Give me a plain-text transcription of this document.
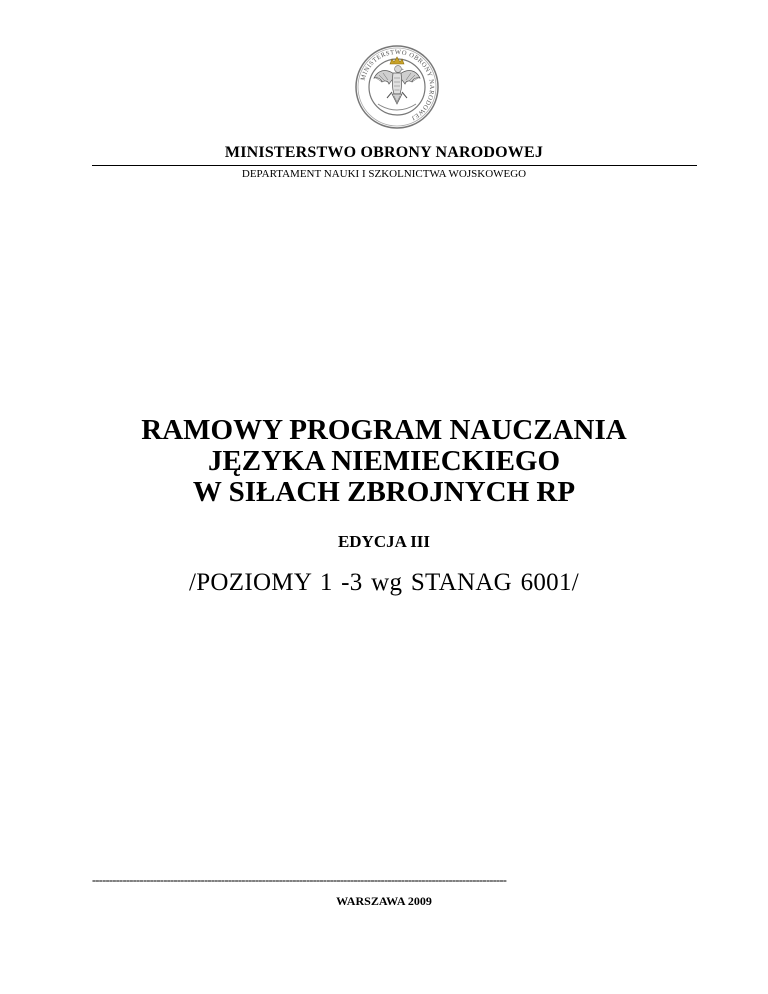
MINISTERSTWO OBRONY NARODOWEJ
MINISTERSTWO OBRONY NARODOWEJ
DEPARTAMENT NAUKI I SZKOLNICTWA WOJSKOWEGO
RAMOWY PROGRAM NAUCZANIA
JĘZYKA NIEMIECKIEGO
W SIŁACH ZBROJNYCH RP
EDYCJA III
/POZIOMY 1 -3 wg STANAG 6001/
--------------------------------------------------------------------------------------------------------------------------
WARSZAWA 2009
